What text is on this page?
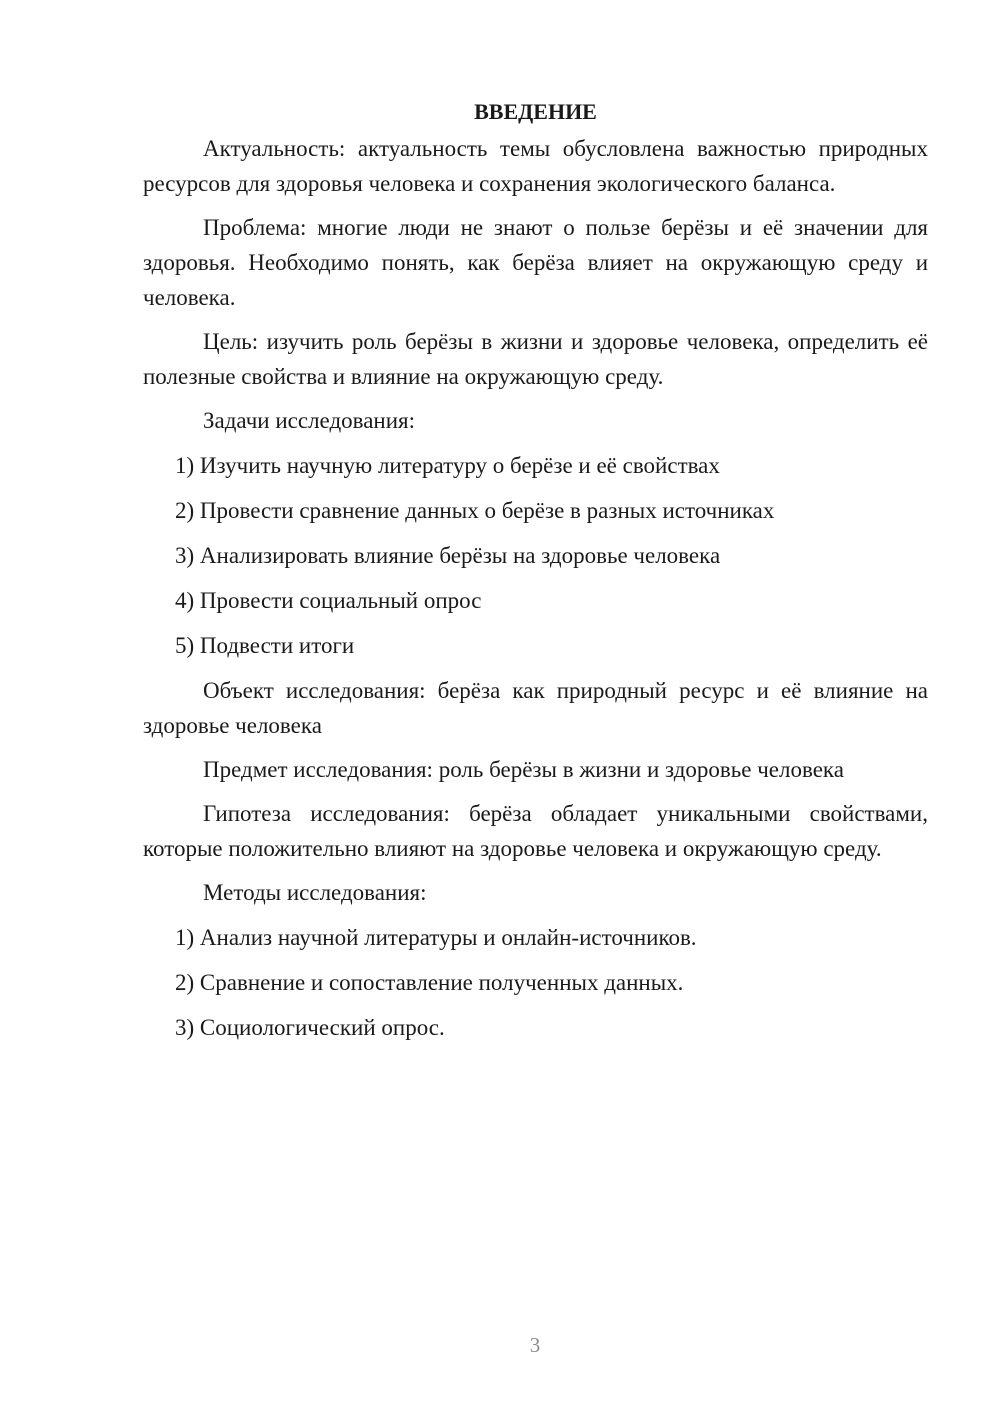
ВВЕДЕНИЕ

Актуальность: актуальность темы обусловлена важностью природных ресурсов для здоровья человека и сохранения экологического баланса.

Проблема: многие люди не знают о пользе берёзы и её значении для здоровья. Необходимо понять, как берёза влияет на окружающую среду и человека.

Цель: изучить роль берёзы в жизни и здоровье человека, определить её полезные свойства и влияние на окружающую среду.

Задачи исследования:

1) Изучить научную литературу о берёзе и её свойствах

2) Провести сравнение данных о берёзе в разных источниках

3) Анализировать влияние берёзы на здоровье человека

4) Провести социальный опрос

5) Подвести итоги

Объект исследования: берёза как природный ресурс и её влияние на здоровье человека

Предмет исследования: роль берёзы в жизни и здоровье человека

Гипотеза исследования: берёза обладает уникальными свойствами, которые положительно влияют на здоровье человека и окружающую среду.

Методы исследования:

1) Анализ научной литературы и онлайн-источников.

2) Сравнение и сопоставление полученных данных.

3) Социологический опрос.

3
